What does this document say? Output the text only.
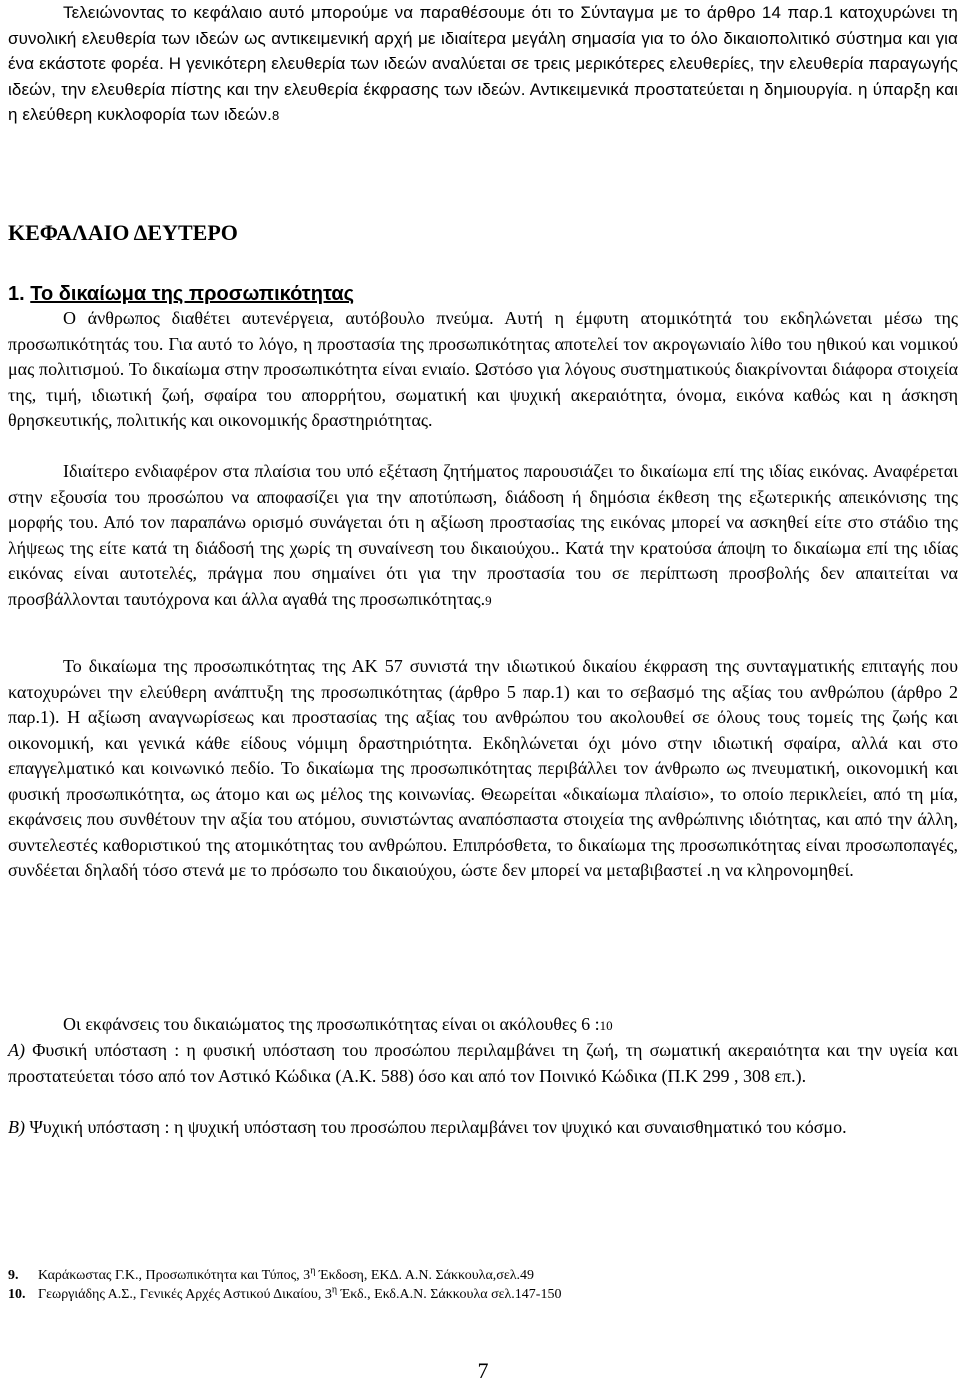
Τελειώνοντας το κεφάλαιο αυτό μπορούμε να παραθέσουμε ότι το Σύνταγμα με το άρθρο 14 παρ.1 κατοχυρώνει τη συνολική ελευθερία των ιδεών ως αντικειμενική αρχή με ιδιαίτερα μεγάλη σημασία για το όλο δικαιοπολιτικό σύστημα και για ένα εκάστοτε φορέα. Η γενικότερη ελευθερία των ιδεών αναλύεται σε τρεις μερικότερες ελευθερίες, την ελευθερία παραγωγής ιδεών, την ελευθερία πίστης και την ελευθερία έκφρασης των ιδεών. Αντικειμενικά προστατεύεται η δημιουργία. η ύπαρξη και η ελεύθερη κυκλοφορία των ιδεών.8

ΚΕΦΑΛΑΙΟ ΔΕΥΤΕΡΟ
1. Το δικαίωμα της προσωπικότητας

Ο άνθρωπος διαθέτει αυτενέργεια, αυτόβουλο πνεύμα. Αυτή η έμφυτη ατομικότητά του εκδηλώνεται μέσω της προσωπικότητάς του. Για αυτό το λόγο, η προστασία της προσωπικότητας αποτελεί τον ακρογωνιαίο λίθο του ηθικού και νομικού μας πολιτισμού. Το δικαίωμα στην προσωπικότητα είναι ενιαίο. Ωστόσο για λόγους συστηματικούς διακρίνονται διάφορα στοιχεία της, τιμή, ιδιωτική ζωή, σφαίρα του απορρήτου, σωματική και ψυχική ακεραιότητα, όνομα, εικόνα καθώς και η άσκηση θρησκευτικής, πολιτικής και οικονομικής δραστηριότητας.

Ιδιαίτερο ενδιαφέρον στα πλαίσια του υπό εξέταση ζητήματος παρουσιάζει το δικαίωμα επί της ιδίας εικόνας. Αναφέρεται στην εξουσία του προσώπου να αποφασίζει για την αποτύπωση, διάδοση ή δημόσια έκθεση της εξωτερικής απεικόνισης της μορφής του. Από τον παραπάνω ορισμό συνάγεται ότι η αξίωση προστασίας της εικόνας μπορεί να ασκηθεί είτε στο στάδιο της λήψεως της είτε κατά τη διάδοσή της χωρίς τη συναίνεση του δικαιούχου.. Κατά την κρατούσα άποψη το δικαίωμα επί της ιδίας εικόνας είναι αυτοτελές, πράγμα που σημαίνει ότι για την προστασία του σε περίπτωση προσβολής δεν απαιτείται να προσβάλλονται ταυτόχρονα και άλλα αγαθά της προσωπικότητας.9

Το δικαίωμα της προσωπικότητας της ΑΚ 57 συνιστά την ιδιωτικού δικαίου έκφραση της συνταγματικής επιταγής που κατοχυρώνει την ελεύθερη ανάπτυξη της προσωπικότητας (άρθρο 5 παρ.1) και το σεβασμό της αξίας του ανθρώπου (άρθρο 2 παρ.1). Η αξίωση αναγνωρίσεως και προστασίας της αξίας του ανθρώπου του ακολουθεί σε όλους τους τομείς της ζωής και οικονομική, και γενικά κάθε είδους νόμιμη δραστηριότητα. Εκδηλώνεται όχι μόνο στην ιδιωτική σφαίρα, αλλά και στο επαγγελματικό και κοινωνικό πεδίο. Το δικαίωμα της προσωπικότητας περιβάλλει τον άνθρωπο ως πνευματική, οικονομική και φυσική προσωπικότητα, ως άτομο και ως μέλος της κοινωνίας. Θεωρείται «δικαίωμα πλαίσιο», το οποίο περικλείει, από τη μία, εκφάνσεις που συνθέτουν την αξία του ατόμου, συνιστώντας αναπόσπαστα στοιχεία της ανθρώπινης ιδιότητας, και από την άλλη, συντελεστές καθοριστικού της ατομικότητας του ανθρώπου. Επιπρόσθετα, το δικαίωμα της προσωπικότητας είναι προσωποπαγές, συνδέεται δηλαδή τόσο στενά με το πρόσωπο του δικαιούχου, ώστε δεν μπορεί να μεταβιβαστεί .η να κληρονομηθεί.

Οι εκφάνσεις του δικαιώματος της προσωπικότητας είναι οι ακόλουθες 6 :10

Α) Φυσική υπόσταση : η φυσική υπόσταση του προσώπου περιλαμβάνει τη ζωή, τη σωματική ακεραιότητα και την υγεία και προστατεύεται τόσο από τον Αστικό Κώδικα (Α.Κ. 588) όσο και από τον Ποινικό Κώδικα (Π.Κ 299 , 308 επ.).

Β) Ψυχική υπόσταση : η ψυχική υπόσταση του προσώπου περιλαμβάνει τον ψυχικό και συναισθηματικό του κόσμο.

9. Καράκωστας Γ.Κ., Προσωπικότητα και Τύπος, $3^\eta$ Έκδοση, ΕΚΔ. Α.Ν. Σάκκουλα,σελ.49

10. Γεωργιάδης Α.Σ., Γενικές Αρχές Αστικού Δικαίου, $3^\eta$ Έκδ., Εκδ.Α.Ν. Σάκκουλα σελ.147-150

7
